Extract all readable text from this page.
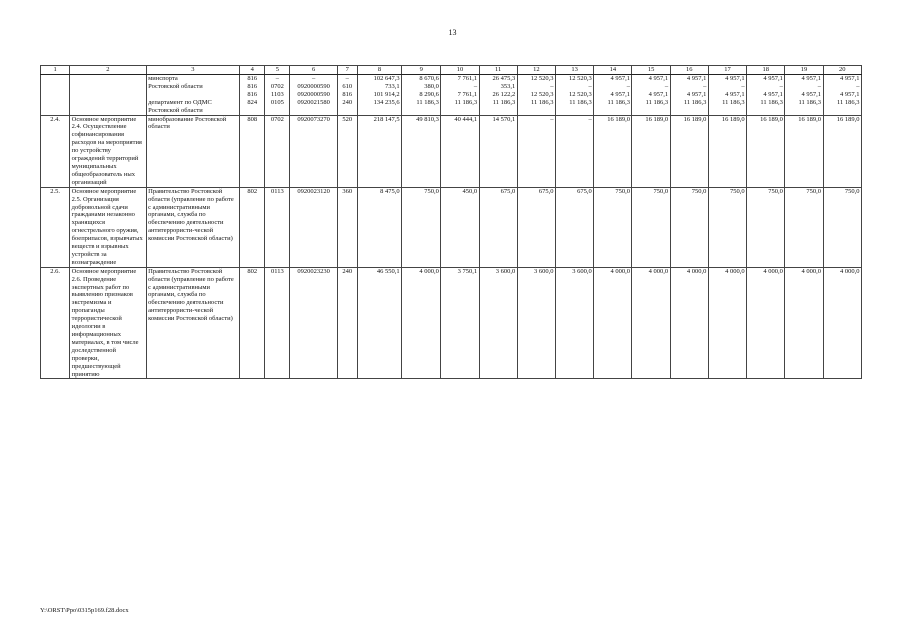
13
1	2	3	4	5	6	7	8	9	10	11	12	13	14	15	16	17	18	19	20
		минспорта	816	–	–	–	102 647,3	8 670,6	7 761,1	26 475,3	12 520,3	12 520,3	4 957,1	4 957,1	4 957,1	4 957,1	4 957,1	4 957,1	4 957,1
		Ростовской области	816	0702	0920000590	610	733,1	380,0	–	353,1	–	–	–	–	–	–	–	–	–
			816	1103	0920000590	816	101 914,2	8 290,6	7 761,1	26 122,2	12 520,3	12 520,3	4 957,1	4 957,1	4 957,1	4 957,1	4 957,1	4 957,1	4 957,1
		департамент по ОДМС Ростовской области	824	0105	0920021580	240	134 235,6	11 186,3	11 186,3	11 186,3	11 186,3	11 186,3	11 186,3	11 186,3	11 186,3	11 186,3	11 186,3	11 186,3	11 186,3
2.4.	Основное мероприятие 2.4. Осуществление софинансирования расходов на мероприятия по устройству ограждений территорий муниципальных общеобразователь ных организаций	минобразование Ростовской области	808	0702	0920073270	520	218 147,5	49 810,3	40 444,1	14 570,1	–	–	16 189,0	16 189,0	16 189,0	16 189,0	16 189,0	16 189,0	16 189,0
2.5.	Основное мероприятие 2.5. Организация добровольной сдачи гражданами незаконно хранящихся огнестрельного оружия, боеприпасов, взрывчатых веществ и взрывных устройств за вознаграждение	Правительство Ростовской области (управление по работе с административными органами, служба по обеспечению деятельности антитеррористи-ческой комиссии Ростовской области)	802	0113	0920023120	360	8 475,0	750,0	450,0	675,0	675,0	675,0	750,0	750,0	750,0	750,0	750,0	750,0	750,0
2.6.	Основное мероприятие 2.6. Проведение экспертных работ по выявлению признаков экстремизма и пропаганды террористической идеологии в информационных материалах, в том числе доследственной проверки, предшествующей принятию	Правительство Ростовской области (управление по работе с административными органами, служба по обеспечению деятельности антитеррористи-ческой комиссии Ростовской области)	802	0113	0920023230	240	46 550,1	4 000,0	3 750,1	3 600,0	3 600,0	3 600,0	4 000,0	4 000,0	4 000,0	4 000,0	4 000,0	4 000,0	4 000,0
Y:\ORST\Ppo\0315p169.f28.docx
